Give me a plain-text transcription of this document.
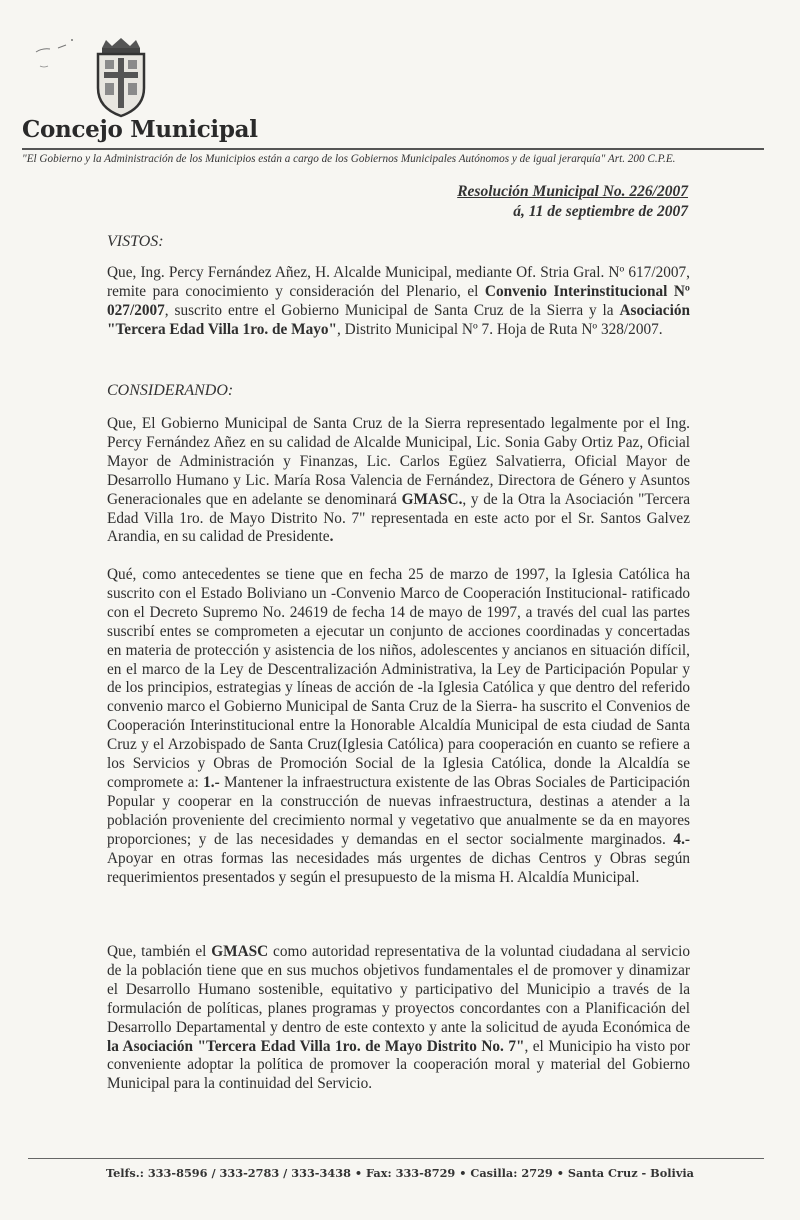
Concejo Municipal
"El Gobierno y la Administración de los Municipios están a cargo de los Gobiernos Municipales Autónomos y de igual jerarquía" Art. 200 C.P.E.
Resolución Municipal No. 226/2007
á, 11 de septiembre de 2007
VISTOS:
Que, Ing. Percy Fernández Añez, H. Alcalde Municipal, mediante Of. Stria Gral. Nº 617/2007, remite para conocimiento y consideración del Plenario, el Convenio Interinstitucional Nº 027/2007, suscrito entre el Gobierno Municipal de Santa Cruz de la Sierra y la Asociación "Tercera Edad Villa 1ro. de Mayo", Distrito Municipal Nº 7. Hoja de Ruta Nº 328/2007.
CONSIDERANDO:
Que, El Gobierno Municipal de Santa Cruz de la Sierra representado legalmente por el Ing. Percy Fernández Añez en su calidad de Alcalde Municipal, Lic. Sonia Gaby Ortiz Paz, Oficial Mayor de Administración y Finanzas, Lic. Carlos Egüez Salvatierra, Oficial Mayor de Desarrollo Humano y Lic. María Rosa Valencia de Fernández, Directora de Género y Asuntos Generacionales que en adelante se denominará GMASC., y de la Otra la Asociación "Tercera Edad Villa 1ro. de Mayo Distrito No. 7" representada en este acto por el Sr. Santos Galvez Arandia, en su calidad de Presidente.
Qué, como antecedentes se tiene que en fecha 25 de marzo de 1997, la Iglesia Católica ha suscrito con el Estado Boliviano un -Convenio Marco de Cooperación Institucional- ratificado con el Decreto Supremo No. 24619 de fecha 14 de mayo de 1997, a través del cual las partes suscribí entes se comprometen a ejecutar un conjunto de acciones coordinadas y concertadas en materia de protección y asistencia de los niños, adolescentes y ancianos en situación difícil, en el marco de la Ley de Descentralización Administrativa, la Ley de Participación Popular y de los principios, estrategias y líneas de acción de -la Iglesia Católica y que dentro del referido convenio marco el Gobierno Municipal de Santa Cruz de la Sierra- ha suscrito el Convenios de Cooperación Interinstitucional entre la Honorable Alcaldía Municipal de esta ciudad de Santa Cruz y el Arzobispado de Santa Cruz(Iglesia Católica) para cooperación en cuanto se refiere a los Servicios y Obras de Promoción Social de la Iglesia Católica, donde la Alcaldía se compromete a: 1.- Mantener la infraestructura existente de las Obras Sociales de Participación Popular y cooperar en la construcción de nuevas infraestructura, destinas a atender a la población proveniente del crecimiento normal y vegetativo que anualmente se da en mayores proporciones; y de las necesidades y demandas en el sector socialmente marginados. 4.- Apoyar en otras formas las necesidades más urgentes de dichas Centros y Obras según requerimientos presentados y según el presupuesto de la misma H. Alcaldía Municipal.
Que, también el GMASC como autoridad representativa de la voluntad ciudadana al servicio de la población tiene que en sus muchos objetivos fundamentales el de promover y dinamizar el Desarrollo Humano sostenible, equitativo y participativo del Municipio a través de la formulación de políticas, planes programas y proyectos concordantes con a Planificación del Desarrollo Departamental y dentro de este contexto y ante la solicitud de ayuda Económica de la Asociación "Tercera Edad Villa 1ro. de Mayo Distrito No. 7", el Municipio ha visto por conveniente adoptar la política de promover la cooperación moral y material del Gobierno Municipal para la continuidad del Servicio.
Telfs.: 333-8596 / 333-2783 / 333-3438 • Fax: 333-8729 • Casilla: 2729 • Santa Cruz - Bolivia
